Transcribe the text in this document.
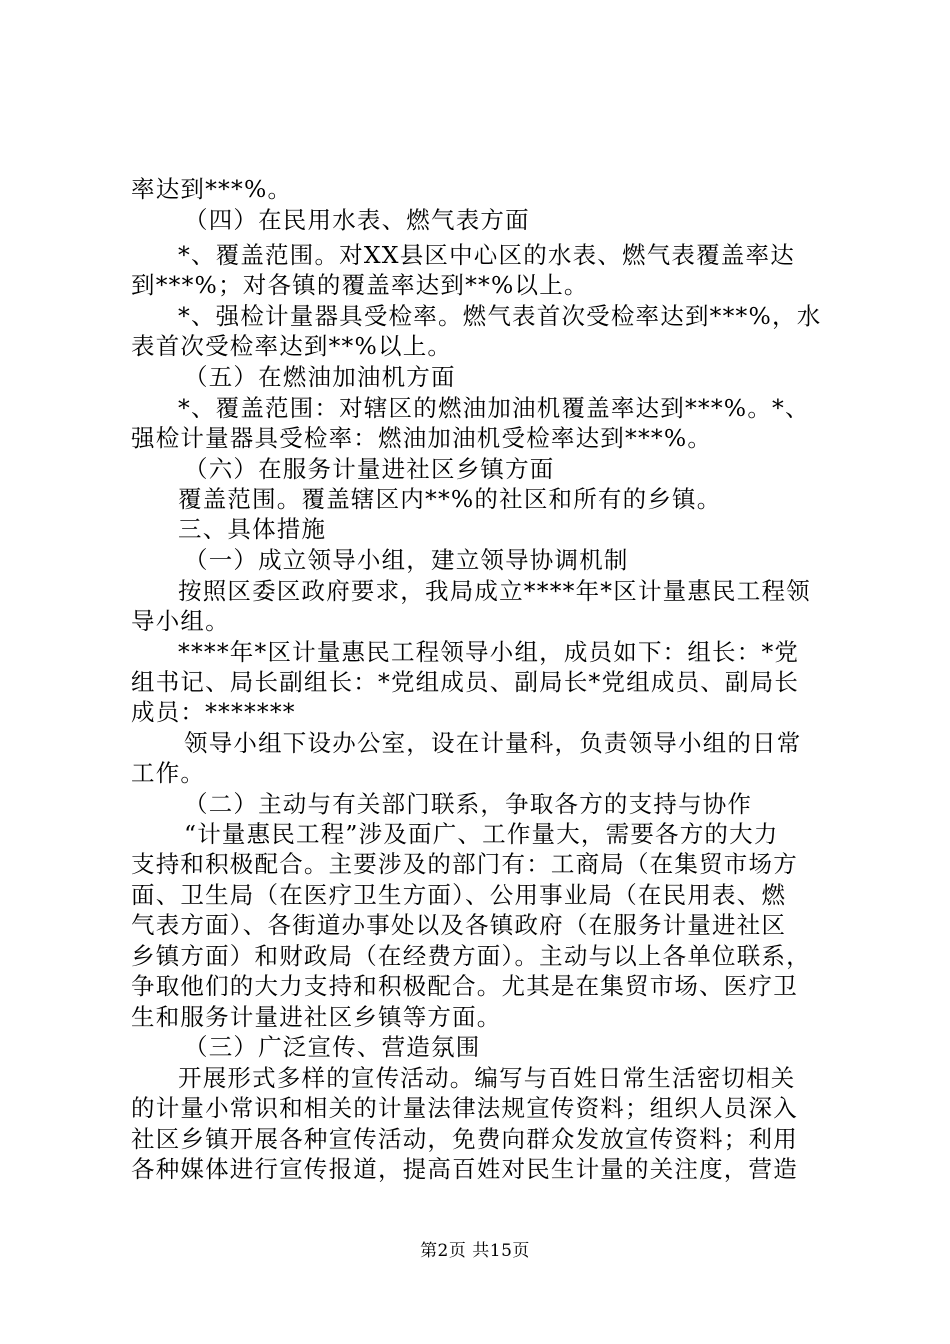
率达到***%。
（四）在民用水表、燃气表方面
*、覆盖范围。对XX县区中心区的水表、燃气表覆盖率达
到***%；对各镇的覆盖率达到**%以上。
*、强检计量器具受检率。燃气表首次受检率达到***%，水
表首次受检率达到**%以上。
（五）在燃油加油机方面
*、覆盖范围：对辖区的燃油加油机覆盖率达到***%。*、
强检计量器具受检率：燃油加油机受检率达到***%。
（六）在服务计量进社区乡镇方面
覆盖范围。覆盖辖区内**%的社区和所有的乡镇。
三、具体措施
（一）成立领导小组，建立领导协调机制
按照区委区政府要求，我局成立****年*区计量惠民工程领
导小组。
****年*区计量惠民工程领导小组，成员如下：组长：*党
组书记、局长副组长：*党组成员、副局长*党组成员、副局长
成员：*******
领导小组下设办公室，设在计量科，负责领导小组的日常
工作。
（二）主动与有关部门联系，争取各方的支持与协作
“计量惠民工程”涉及面广、工作量大，需要各方的大力
支持和积极配合。主要涉及的部门有：工商局（在集贸市场方
面、卫生局（在医疗卫生方面）、公用事业局（在民用表、燃
气表方面）、各街道办事处以及各镇政府（在服务计量进社区
乡镇方面）和财政局（在经费方面）。主动与以上各单位联系，
争取他们的大力支持和积极配合。尤其是在集贸市场、医疗卫
生和服务计量进社区乡镇等方面。
（三）广泛宣传、营造氛围
开展形式多样的宣传活动。编写与百姓日常生活密切相关
的计量小常识和相关的计量法律法规宣传资料；组织人员深入
社区乡镇开展各种宣传活动，免费向群众发放宣传资料；利用
各种媒体进行宣传报道，提高百姓对民生计量的关注度，营造
第2页 共15页
